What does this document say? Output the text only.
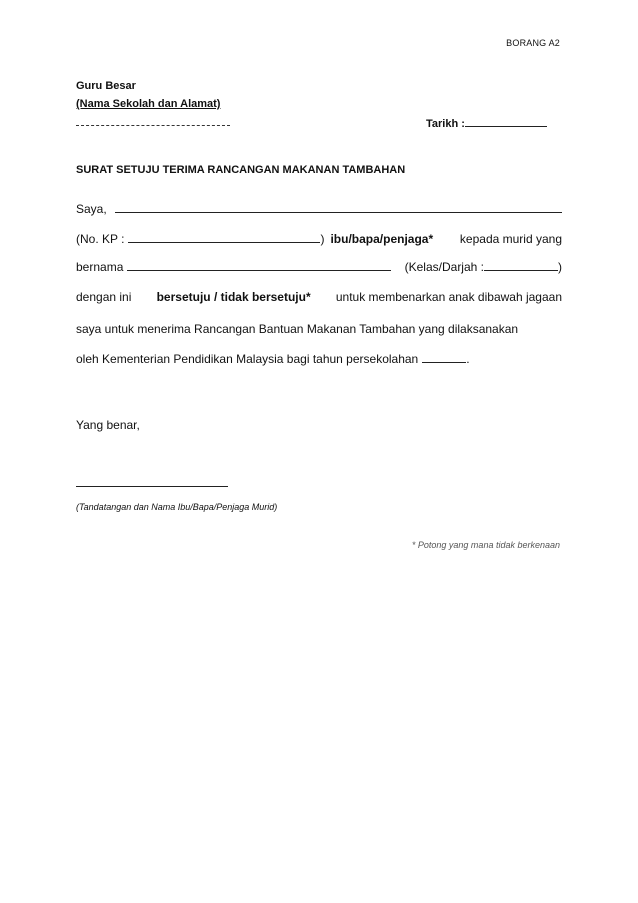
BORANG A2
Guru Besar
(Nama Sekolah dan Alamat)
Tarikh :
SURAT SETUJU TERIMA RANCANGAN MAKANAN TAMBAHAN
Saya,
(No. KP :	) ibu/bapa/penjaga* kepada murid yang
bernama	(Kelas/Darjah :	)
dengan ini bersetuju / tidak bersetuju* untuk membenarkan anak dibawah jagaan
saya untuk menerima Rancangan Bantuan Makanan Tambahan yang dilaksanakan
oleh Kementerian Pendidikan Malaysia bagi tahun persekolahan	.
Yang benar,
(Tandatangan dan Nama Ibu/Bapa/Penjaga Murid)
* Potong yang mana tidak berkenaan
